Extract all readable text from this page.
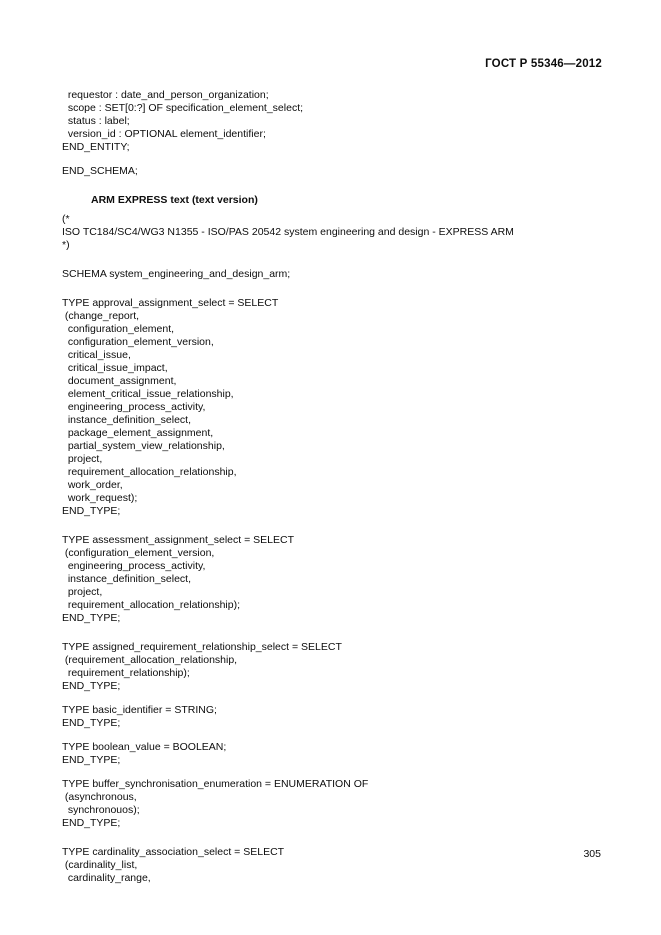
ГОСТ Р 55346—2012
requestor : date_and_person_organization;
scope : SET[0:?] OF specification_element_select;
status : label;
version_id : OPTIONAL element_identifier;
END_ENTITY;
END_SCHEMA;
ARM EXPRESS text (text version)
(*
ISO TC184/SC4/WG3 N1355 - ISO/PAS 20542 system engineering and design - EXPRESS ARM
*)
SCHEMA system_engineering_and_design_arm;
TYPE approval_assignment_select = SELECT
(change_report,
configuration_element,
configuration_element_version,
critical_issue,
critical_issue_impact,
document_assignment,
element_critical_issue_relationship,
engineering_process_activity,
instance_definition_select,
package_element_assignment,
partial_system_view_relationship,
project,
requirement_allocation_relationship,
work_order,
work_request);
END_TYPE;
TYPE assessment_assignment_select = SELECT
(configuration_element_version,
engineering_process_activity,
instance_definition_select,
project,
requirement_allocation_relationship);
END_TYPE;
TYPE assigned_requirement_relationship_select = SELECT
(requirement_allocation_relationship,
requirement_relationship);
END_TYPE;
TYPE basic_identifier = STRING;
END_TYPE;
TYPE boolean_value = BOOLEAN;
END_TYPE;
TYPE buffer_synchronisation_enumeration = ENUMERATION OF
(asynchronous,
synchronouos);
END_TYPE;
TYPE cardinality_association_select = SELECT
(cardinality_list,
cardinality_range,
305
